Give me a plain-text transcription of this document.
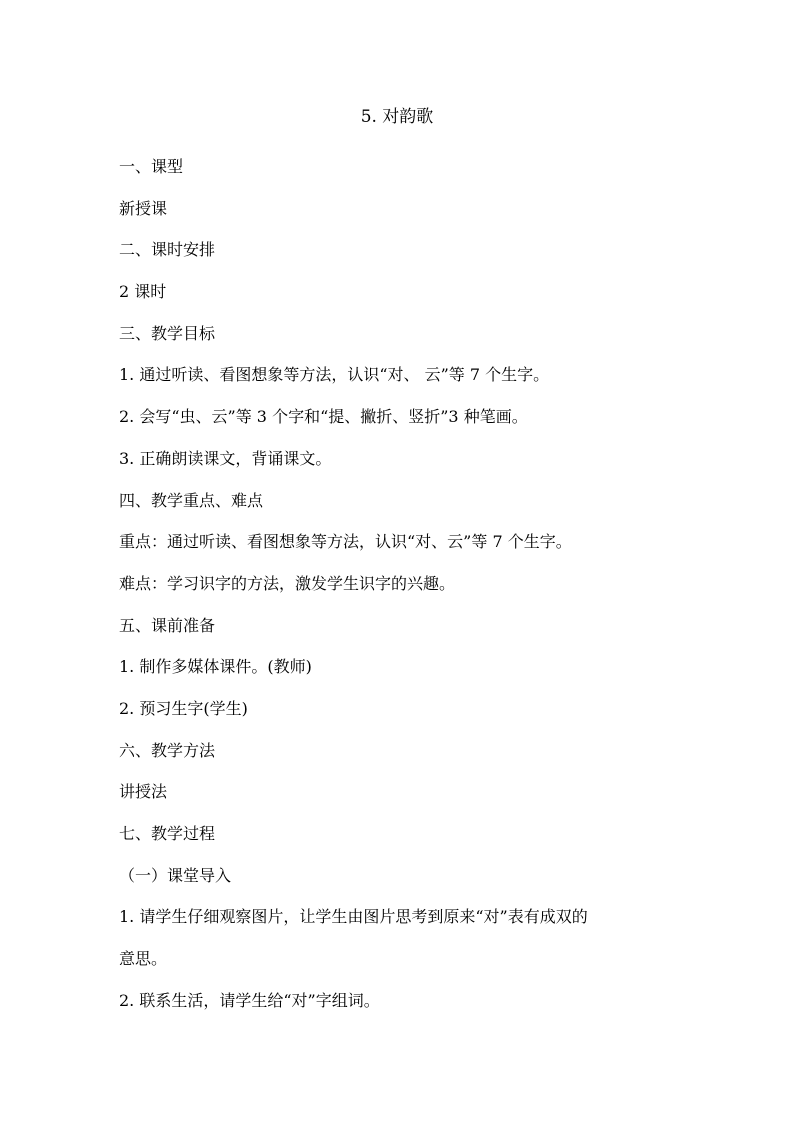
5. 对韵歌
一、课型
新授课
二、课时安排
2 课时
三、教学目标
1. 通过听读、看图想象等方法，认识“对、 云”等 7 个生字。
2. 会写“虫、云”等 3 个字和“提、撇折、竖折”3 种笔画。
3. 正确朗读课文，背诵课文。
四、教学重点、难点
重点：通过听读、看图想象等方法，认识“对、云”等 7 个生字。
难点：学习识字的方法，激发学生识字的兴趣。
五、课前准备
1. 制作多媒体课件。(教师)
2. 预习生字(学生)
六、教学方法
讲授法
七、教学过程
（一）课堂导入
1. 请学生仔细观察图片，让学生由图片思考到原来“对”表有成双的
意思。
2. 联系生活，请学生给“对”字组词。
